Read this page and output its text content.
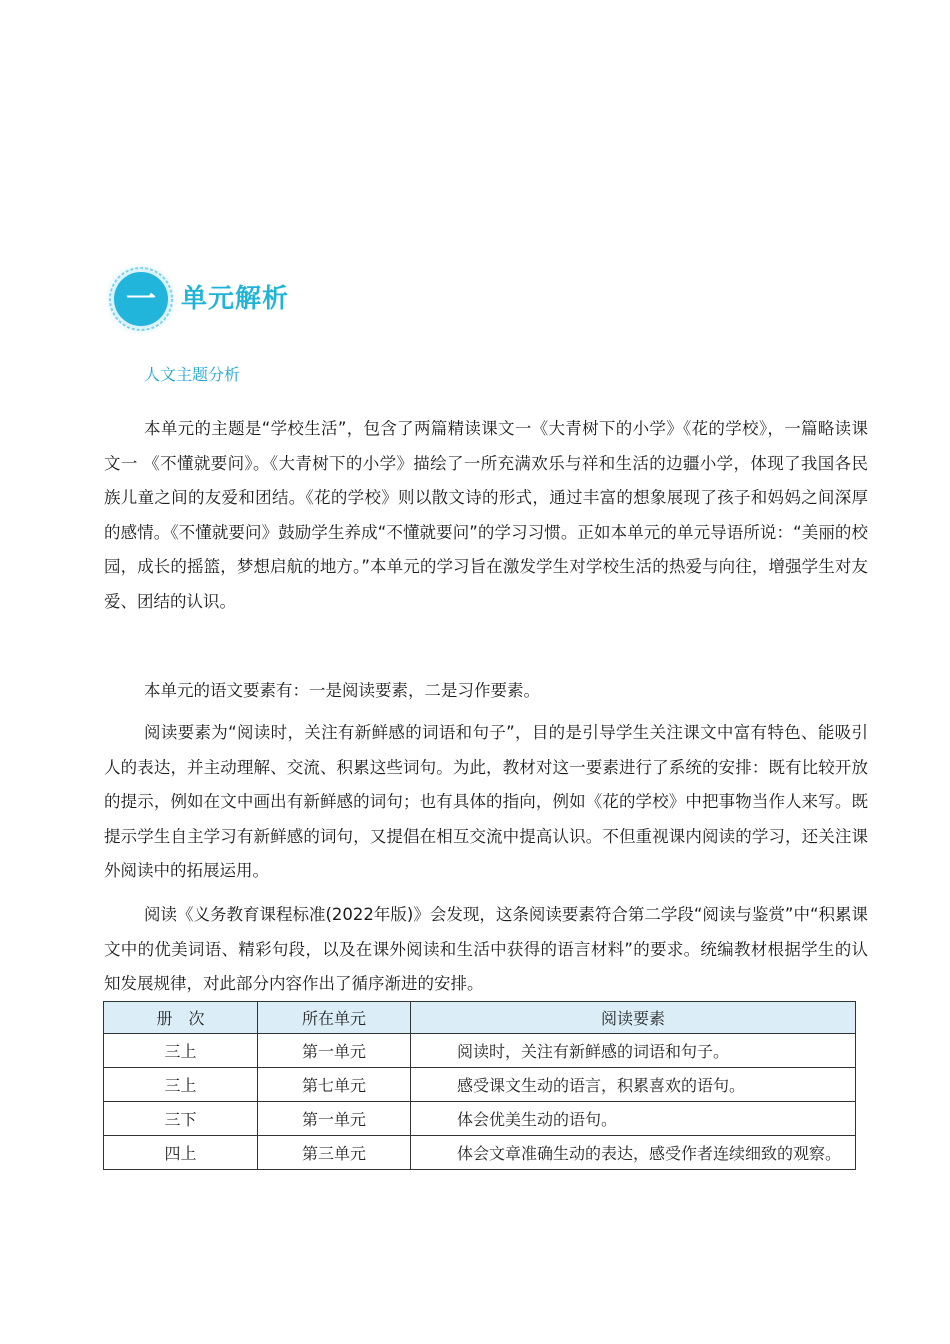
一 单元解析
人文主题分析

本单元的主题是“学校生活”，包含了两篇精读课文一《大青树下的小学》《花的学校》，一篇略读课文一 《不懂就要问》。《大青树下的小学》描绘了一所充满欢乐与祥和生活的边疆小学，体现了我国各民族儿童之间的友爱和团结。《花的学校》则以散文诗的形式，通过丰富的想象展现了孩子和妈妈之间深厚的感情。《不懂就要问》鼓励学生养成“不懂就要问”的学习习惯。正如本单元的单元导语所说：“美丽的校园，成长的摇篮，梦想启航的地方。”本单元的学习旨在激发学生对学校生活的热爱与向往，增强学生对友爱、团结的认识。

本单元的语文要素有：一是阅读要素，二是习作要素。

阅读要素为“阅读时，关注有新鲜感的词语和句子”，目的是引导学生关注课文中富有特色、能吸引人的表达，并主动理解、交流、积累这些词句。为此，教材对这一要素进行了系统的安排：既有比较开放的提示，例如在文中画出有新鲜感的词句；也有具体的指向，例如《花的学校》中把事物当作人来写。既提示学生自主学习有新鲜感的词句，又提倡在相互交流中提高认识。不但重视课内阅读的学习，还关注课外阅读中的拓展运用。

阅读《义务教育课程标准(2022年版)》会发现，这条阅读要素符合第二学段“阅读与鉴赏”中“积累课文中的优美词语、精彩句段，以及在课外阅读和生活中获得的语言材料”的要求。统编教材根据学生的认知发展规律，对此部分内容作出了循序渐进的安排。

册　次	所在单元	阅读要素
三上	第一单元	阅读时，关注有新鲜感的词语和句子。
三上	第七单元	感受课文生动的语言，积累喜欢的语句。
三下	第一单元	体会优美生动的语句。
四上	第三单元	体会文章准确生动的表达，感受作者连续细致的观察。
